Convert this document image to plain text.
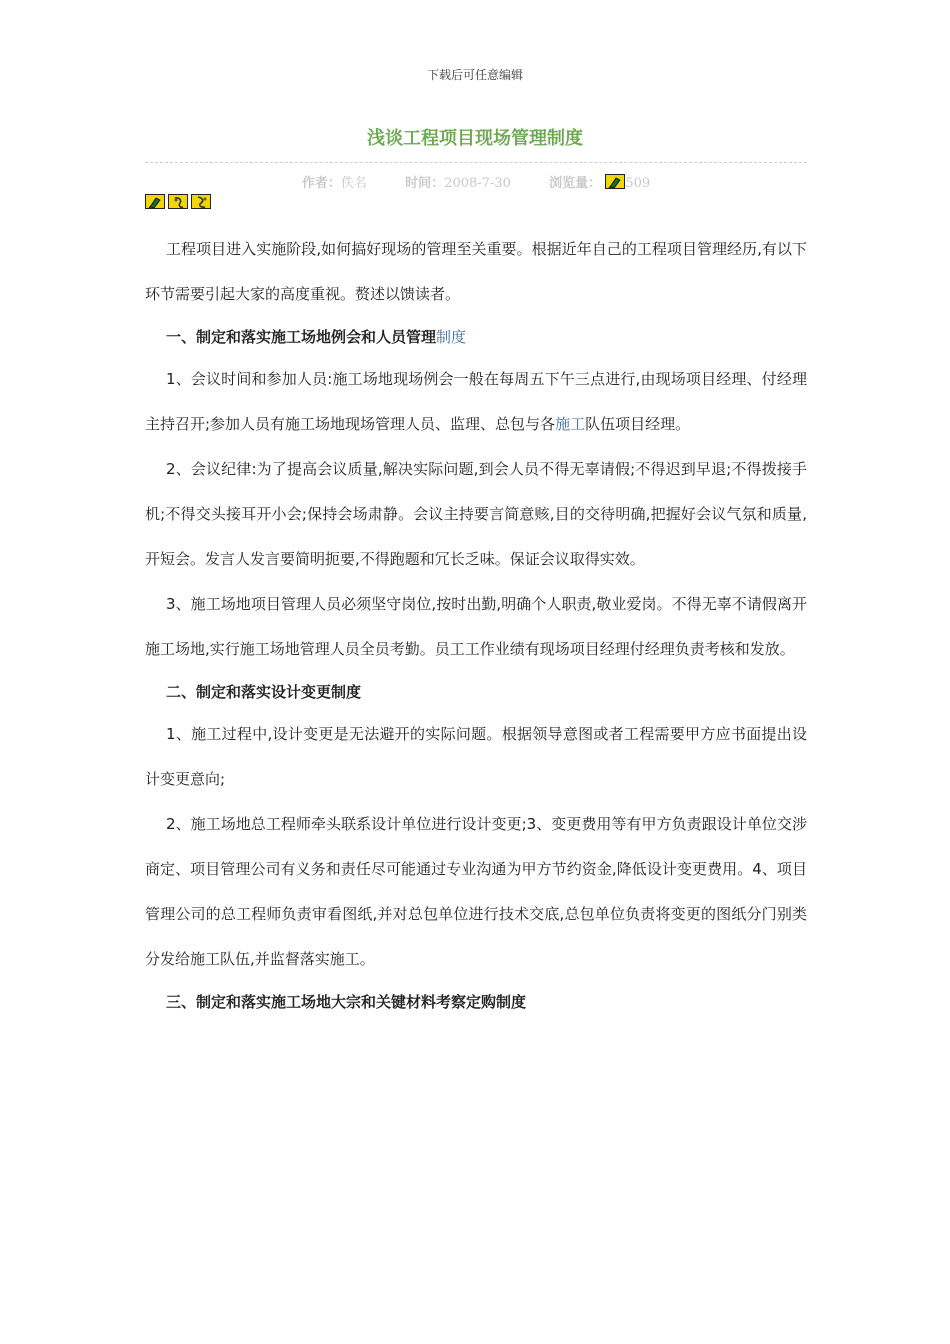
下载后可任意编辑
浅谈工程项目现场管理制度
作者：佚名	时间：2008-7-30	浏览量： 509

工程项目进入实施阶段,如何搞好现场的管理至关重要。根据近年自己的工程项目管理经历,有以下环节需要引起大家的高度重视。赘述以馈读者。

一、制定和落实施工场地例会和人员管理制度

1、会议时间和参加人员:施工场地现场例会一般在每周五下午三点进行,由现场项目经理、付经理主持召开;参加人员有施工场地现场管理人员、监理、总包与各施工队伍项目经理。

2、会议纪律:为了提高会议质量,解决实际问题,到会人员不得无辜请假;不得迟到早退;不得拨接手机;不得交头接耳开小会;保持会场肃静。会议主持要言简意赅,目的交待明确,把握好会议气氛和质量,开短会。发言人发言要简明扼要,不得跑题和冗长乏味。保证会议取得实效。

3、施工场地项目管理人员必须坚守岗位,按时出勤,明确个人职责,敬业爱岗。不得无辜不请假离开施工场地,实行施工场地管理人员全员考勤。员工工作业绩有现场项目经理付经理负责考核和发放。

二、制定和落实设计变更制度

1、施工过程中,设计变更是无法避开的实际问题。根据领导意图或者工程需要甲方应书面提出设计变更意向;

2、施工场地总工程师牵头联系设计单位进行设计变更;3、变更费用等有甲方负责跟设计单位交涉商定、项目管理公司有义务和责任尽可能通过专业沟通为甲方节约资金,降低设计变更费用。4、项目管理公司的总工程师负责审看图纸,并对总包单位进行技术交底,总包单位负责将变更的图纸分门别类分发给施工队伍,并监督落实施工。

三、制定和落实施工场地大宗和关键材料考察定购制度
